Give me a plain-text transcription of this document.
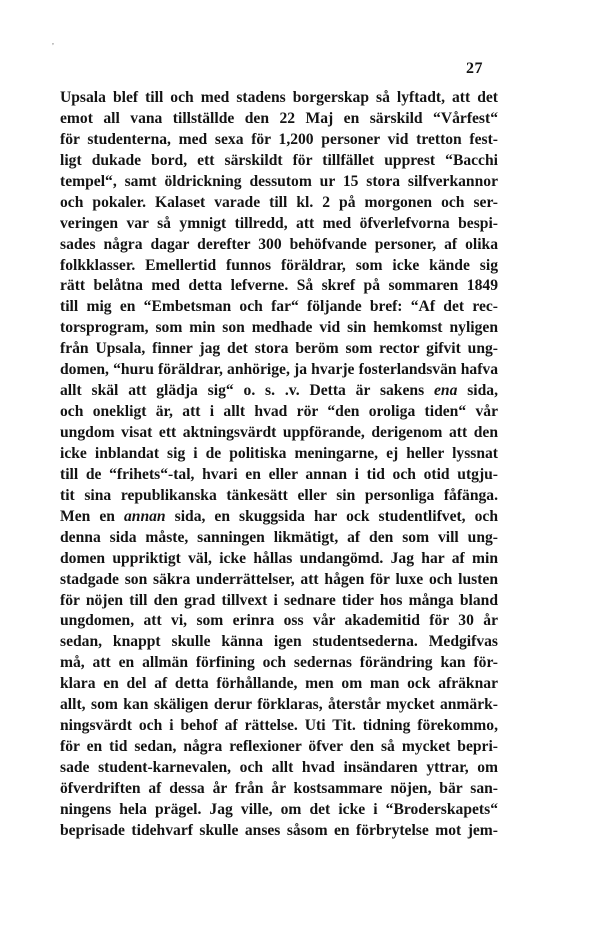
,
27
Upsala blef till och med stadens borgerskap så lyftadt, att det
emot all vana tillställde den 22 Maj en särskild “Vårfest“
för studenterna, med sexa för 1,200 personer vid tretton fest-
ligt dukade bord, ett särskildt för tillfället upprest “Bacchi
tempel“, samt öldrickning dessutom ur 15 stora silfverkannor
och pokaler. Kalaset varade till kl. 2 på morgonen och ser-
veringen var så ymnigt tillredd, att med öfverlefvorna bespi-
sades några dagar derefter 300 behöfvande personer, af olika
folkklasser. Emellertid funnos föräldrar, som icke kände sig
rätt belåtna med detta lefverne. Så skref på sommaren 1849
till mig en “Embetsman och far“ följande bref: “Af det rec-
torsprogram, som min son medhade vid sin hemkomst nyligen
från Upsala, finner jag det stora beröm som rector gifvit ung-
domen, “huru föräldrar, anhörige, ja hvarje fosterlandsvän hafva
allt skäl att glädja sig“ o. s. .v. Detta är sakens ena sida,
och onekligt är, att i allt hvad rör “den oroliga tiden“ vår
ungdom visat ett aktningsvärdt uppförande, derigenom att den
icke inblandat sig i de politiska meningarne, ej heller lyssnat
till de “frihets“-tal, hvari en eller annan i tid och otid utgju-
tit sina republikanska tänkesätt eller sin personliga fåfänga.
Men en annan sida, en skuggsida har ock studentlifvet, och
denna sida måste, sanningen likmätigt, af den som vill ung-
domen uppriktigt väl, icke hållas undangömd. Jag har af min
stadgade son säkra underrättelser, att hågen för luxe och lusten
för nöjen till den grad tillvext i sednare tider hos många bland
ungdomen, att vi, som erinra oss vår akademitid för 30 år
sedan, knappt skulle känna igen studentsederna. Medgifvas
må, att en allmän förfining och sedernas förändring kan för-
klara en del af detta förhållande, men om man ock afräknar
allt, som kan skäligen derur förklaras, återstår mycket anmärk-
ningsvärdt och i behof af rättelse. Uti Tit. tidning förekommo,
för en tid sedan, några reflexioner öfver den så mycket bepri-
sade student-karnevalen, och allt hvad insändaren yttrar, om
öfverdriften af dessa år från år kostsammare nöjen, bär san-
ningens hela prägel. Jag ville, om det icke i “Broderskapets“
beprisade tidehvarf skulle anses såsom en förbrytelse mot jem-
